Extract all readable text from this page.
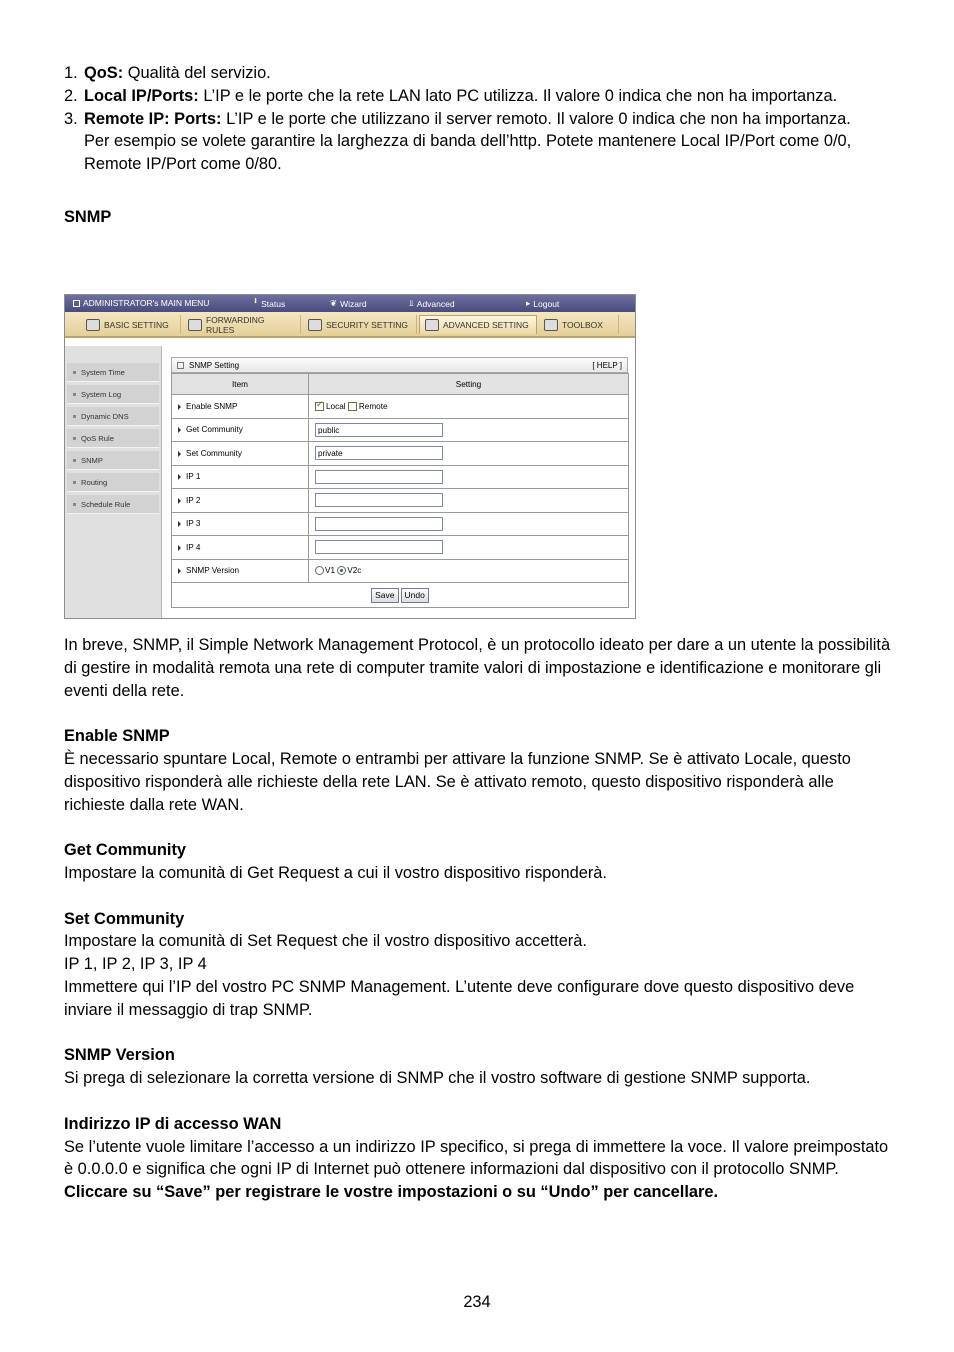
1. QoS: Qualità del servizio.
2. Local IP/Ports: L’IP e le porte che la rete LAN lato PC utilizza. Il valore 0 indica che non ha importanza.
3. Remote IP: Ports: L’IP e le porte che utilizzano il server remoto. Il valore 0 indica che non ha importanza.
Per esempio se volete garantire la larghezza di banda dell’http. Potete mantenere Local IP/Port come 0/0, Remote IP/Port come 0/80.
SNMP
ADMINISTRATOR's MAIN MENU	╹ Status	❦ Wizard	⫫ Advanced	▸ Logout
BASIC SETTING	FORWARDING RULES	SECURITY SETTING	ADVANCED SETTING	TOOLBOX
System Time
System Log
Dynamic DNS
QoS Rule
SNMP
Routing
Schedule Rule
SNMP Setting	[ HELP ]
Item	Setting
Enable SNMP	✓Local Remote
Get Community	public
Set Community	private
IP 1	
IP 2	
IP 3	
IP 4	
SNMP Version	V1 V2c
Save Undo	

In breve, SNMP, il Simple Network Management Protocol, è un protocollo ideato per dare a un utente la possibilità di gestire in modalità remota una rete di computer tramite valori di impostazione e identificazione e monitorare gli eventi della rete.

Enable SNMP

È necessario spuntare Local, Remote o entrambi per attivare la funzione SNMP. Se è attivato Locale, questo dispositivo risponderà alle richieste della rete LAN. Se è attivato remoto, questo dispositivo risponderà alle richieste dalla rete WAN.

Get Community

Impostare la comunità di Get Request a cui il vostro dispositivo risponderà.

Set Community

Impostare la comunità di Set Request che il vostro dispositivo accetterà.

IP 1, IP 2, IP 3, IP 4

Immettere qui l’IP del vostro PC SNMP Management. L’utente deve configurare dove questo dispositivo deve inviare il messaggio di trap SNMP.

SNMP Version

Si prega di selezionare la corretta versione di SNMP che il vostro software di gestione SNMP supporta.

Indirizzo IP di accesso WAN

Se l’utente vuole limitare l’accesso a un indirizzo IP specifico, si prega di immettere la voce. Il valore preimpostato è 0.0.0.0 e significa che ogni IP di Internet può ottenere informazioni dal dispositivo con il protocollo SNMP.

Cliccare su “Save” per registrare le vostre impostazioni o su “Undo” per cancellare.

234
